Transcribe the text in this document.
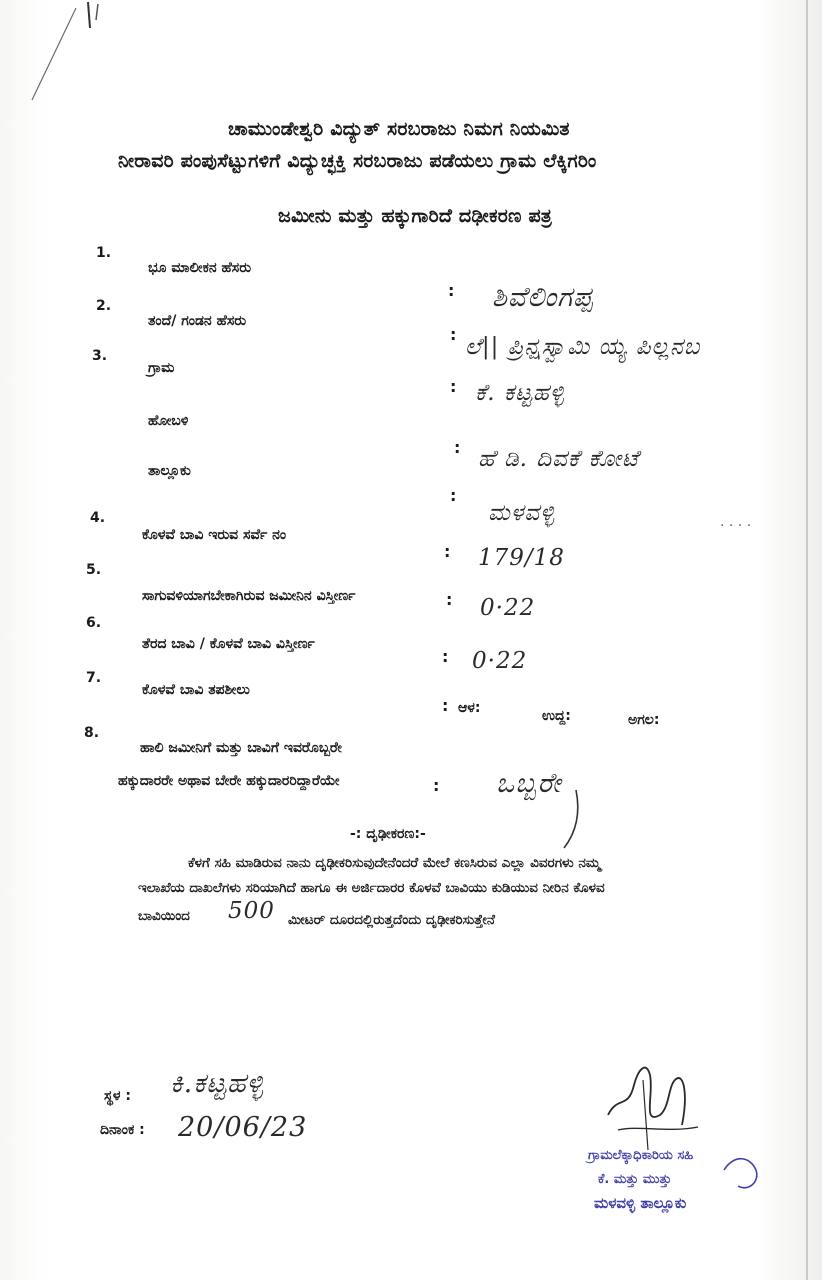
ಚಾಮುಂಡೇಶ್ವರಿ ವಿದ್ಯುತ್ ಸರಬರಾಜು ನಿಮಗ ನಿಯಮಿತ
ನೀರಾವರಿ ಪಂಪುಸೆಟ್ಟುಗಳಿಗೆ ವಿದ್ಯುಚ್ಛಕ್ತಿ ಸರಬರಾಜು ಪಡೆಯಲು ಗ್ರಾಮ ಲೆಕ್ಕಿಗರಿಂ
ಜಮೀನು ಮತ್ತು ಹಕ್ಕುಗಾರಿದೆ ದಢೀಕರಣ ಪತ್ರ
1.
ಭೂ ಮಾಲೀಕನ ಹೆಸರು
: ಶಿವೆಲಿಂಗಪ್ಪ
2.
ತಂದೆ/ ಗಂಡನ ಹೆಸರು
: ಲೆ|| ಪ್ರಿನ್ಷಸ್ವಾಮಿ ಯ್ಯ ಪಿಲ್ಲನಬ
3.
ಗ್ರಾಮ
: ಕೆ. ಕಟ್ಟಹಳ್ಳಿ
ಹೋಬಳಿ
: ಹೆ ಡಿ. ದಿವಕೆ ಕೋಟೆ
ತಾಲ್ಲೂಕು
:
ಮಳವಳ್ಳಿ	. . . .
4.
ಕೊಳವೆ ಬಾವಿ ಇರುವ ಸರ್ವೆ ನಂ
: 179/18
5.
ಸಾಗುವಳಿಯಾಗಬೇಕಾಗಿರುವ ಜಮೀನಿನ ವಿಸ್ತೀರ್ಣ	: 0·22
6.
ತೆರದ ಬಾವಿ / ಕೊಳವೆ ಬಾವಿ ವಿಸ್ತೀರ್ಣ
: 0·22
7.
ಕೊಳವೆ ಬಾವಿ ತಪಶೀಲು
: ಆಳ:	ಉದ್ದ:	ಅಗಲ:
8.
ಹಾಲಿ ಜಮೀನಿಗೆ ಮತ್ತು ಬಾವಿಗೆ ಇವರೊಬ್ಬರೇ
ಹಕ್ಕುದಾರರೇ ಅಥಾವ ಬೇರೇ ಹಕ್ಕುದಾರರಿದ್ದಾರೆಯೇ	: ಒಬ್ಬರೇ
-: ದೃಢೀಕರಣ:-
ಕೆಳಗೆ ಸಹಿ ಮಾಡಿರುವ ನಾನು ದೃಢೀಕರಿಸುವುದೇನೆಂದರೆ ಮೇಲೆ ಕಣಸಿರುವ ಎಲ್ಲಾ ವಿವರಗಳು ನಮ್ಮ
ಇಲಾಖೆಯ ದಾಖಲೆಗಳು ಸರಿಯಾಗಿದೆ ಹಾಗೂ ಈ ಅರ್ಜಿದಾರರ ಕೊಳವೆ ಬಾವಿಯು ಕುಡಿಯುವ ನೀರಿನ ಕೊಳವ
ಬಾವಿಯಿಂದ 500 ಮೀಟರ್ ದೂರದಲ್ಲಿರುತ್ತದೆಂದು ದೃಢೀಕರಿಸುತ್ತೇನೆ
ಸ್ಥಳ : ಕಿ.ಕಟ್ಟಹಳ್ಳಿ
ದಿನಾಂಕ : 20/06/23
ಗ್ರಾಮಲೆಕ್ಕಾಧಿಕಾರಿಯ ಸಹಿ
ಕೆ. ಮತ್ತು ಮುತ್ತು
ಮಳವಳ್ಳಿ ತಾಲ್ಲೂಕು
